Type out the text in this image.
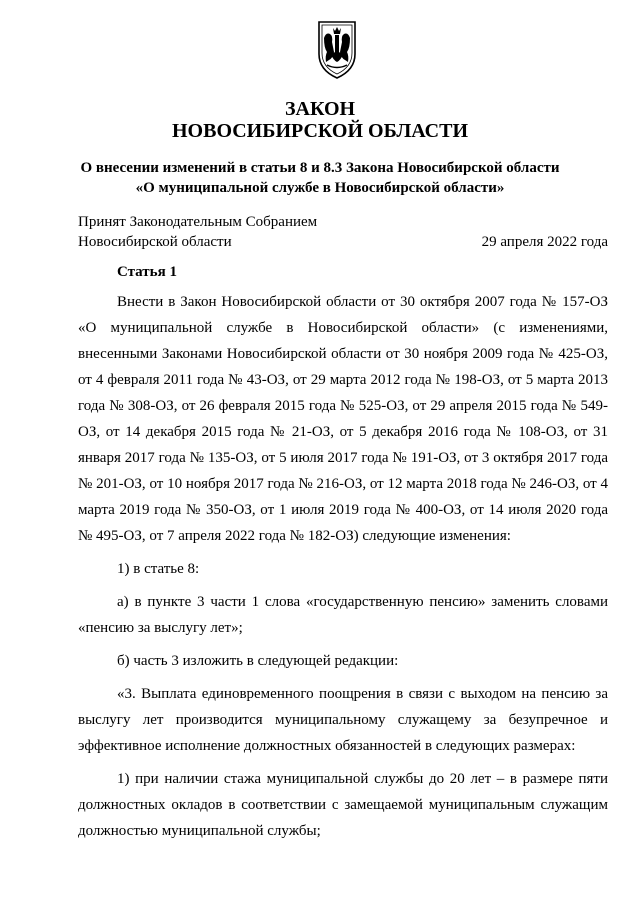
ЗАКОН
НОВОСИБИРСКОЙ ОБЛАСТИ
О внесении изменений в статьи 8 и 8.3 Закона Новосибирской области
«О муниципальной службе в Новосибирской области»
Принят Законодательным Собранием
Новосибирской области	29 апреля 2022 года
Статья 1

Внести в Закон Новосибирской области от 30 октября 2007 года № 157-ОЗ «О муниципальной службе в Новосибирской области» (с изменениями, внесенными Законами Новосибирской области от 30 ноября 2009 года № 425-ОЗ, от 4 февраля 2011 года № 43-ОЗ, от 29 марта 2012 года № 198-ОЗ, от 5 марта 2013 года № 308-ОЗ, от 26 февраля 2015 года № 525-ОЗ, от 29 апреля 2015 года № 549-ОЗ, от 14 декабря 2015 года № 21-ОЗ, от 5 декабря 2016 года № 108-ОЗ, от 31 января 2017 года № 135-ОЗ, от 5 июля 2017 года № 191-ОЗ, от 3 октября 2017 года № 201-ОЗ, от 10 ноября 2017 года № 216-ОЗ, от 12 марта 2018 года № 246-ОЗ, от 4 марта 2019 года № 350-ОЗ, от 1 июля 2019 года № 400-ОЗ, от 14 июля 2020 года № 495-ОЗ, от 7 апреля 2022 года № 182-ОЗ) следующие изменения:

1) в статье 8:

а) в пункте 3 части 1 слова «государственную пенсию» заменить словами «пенсию за выслугу лет»;

б) часть 3 изложить в следующей редакции:

«3. Выплата единовременного поощрения в связи с выходом на пенсию за выслугу лет производится муниципальному служащему за безупречное и эффективное исполнение должностных обязанностей в следующих размерах:

1) при наличии стажа муниципальной службы до 20 лет – в размере пяти должностных окладов в соответствии с замещаемой муниципальным служащим должностью муниципальной службы;
